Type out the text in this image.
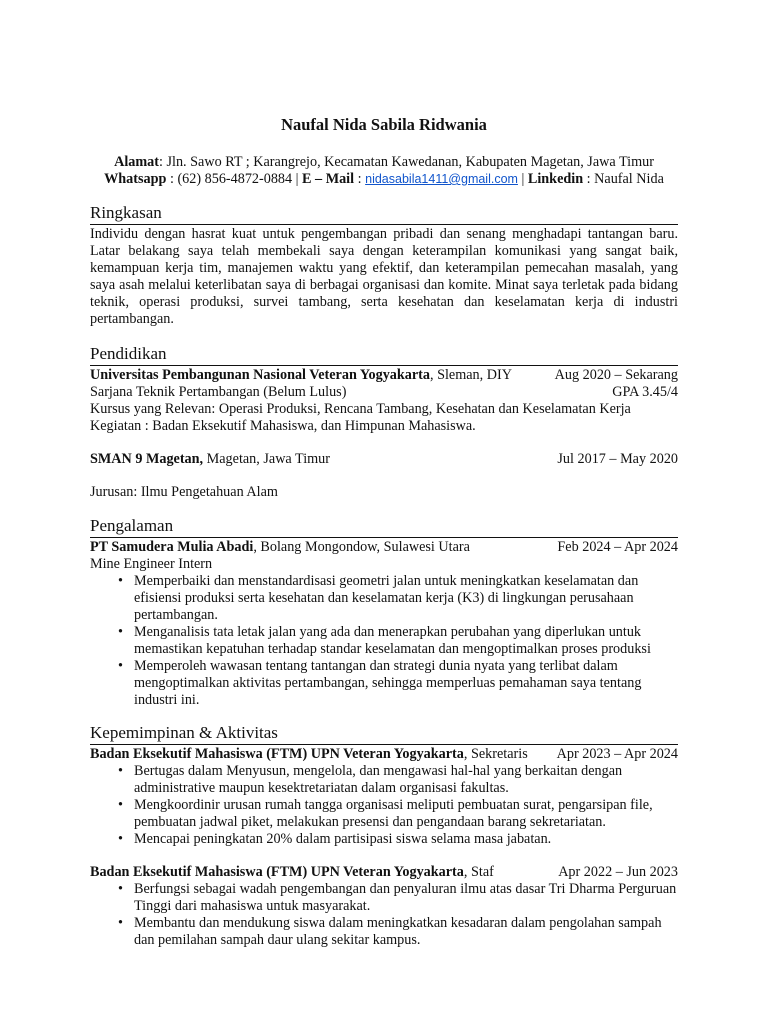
Naufal Nida Sabila Ridwania
Alamat: Jln. Sawo RT ; Karangrejo, Kecamatan Kawedanan, Kabupaten Magetan, Jawa Timur
Whatsapp : (62) 856-4872-0884 | E – Mail : nidasabila1411@gmail.com | Linkedin : Naufal Nida
Ringkasan
Individu dengan hasrat kuat untuk pengembangan pribadi dan senang menghadapi tantangan baru. Latar belakang saya telah membekali saya dengan keterampilan komunikasi yang sangat baik, kemampuan kerja tim, manajemen waktu yang efektif, dan keterampilan pemecahan masalah, yang saya asah melalui keterlibatan saya di berbagai organisasi dan komite. Minat saya terletak pada bidang teknik, operasi produksi, survei tambang, serta kesehatan dan keselamatan kerja di industri pertambangan.
Pendidikan
Universitas Pembangunan Nasional Veteran Yogyakarta, Sleman, DIY	Aug 2020 – Sekarang
Sarjana Teknik Pertambangan (Belum Lulus)	GPA 3.45/4
Kursus yang Relevan: Operasi Produksi, Rencana Tambang, Kesehatan dan Keselamatan Kerja
Kegiatan : Badan Eksekutif Mahasiswa, dan Himpunan Mahasiswa.
SMAN 9 Magetan, Magetan, Jawa Timur	Jul 2017 – May 2020
Jurusan: Ilmu Pengetahuan Alam
Pengalaman
PT Samudera Mulia Abadi, Bolang Mongondow, Sulawesi Utara	Feb 2024 – Apr 2024
Mine Engineer Intern
• Memperbaiki dan menstandardisasi geometri jalan untuk meningkatkan keselamatan dan efisiensi produksi serta kesehatan dan keselamatan kerja (K3) di lingkungan perusahaan pertambangan.
• Menganalisis tata letak jalan yang ada dan menerapkan perubahan yang diperlukan untuk memastikan kepatuhan terhadap standar keselamatan dan mengoptimalkan proses produksi
• Memperoleh wawasan tentang tantangan dan strategi dunia nyata yang terlibat dalam mengoptimalkan aktivitas pertambangan, sehingga memperluas pemahaman saya tentang industri ini.
Kepemimpinan & Aktivitas
Badan Eksekutif Mahasiswa (FTM) UPN Veteran Yogyakarta, Sekretaris Apr 2023 – Apr 2024
• Bertugas dalam Menyusun, mengelola, dan mengawasi hal-hal yang berkaitan dengan administrative maupun kesektretariatan dalam organisasi fakultas.
• Mengkoordinir urusan rumah tangga organisasi meliputi pembuatan surat, pengarsipan file, pembuatan jadwal piket, melakukan presensi dan pengandaan barang sekretariatan.
• Mencapai peningkatan 20% dalam partisipasi siswa selama masa jabatan.
Badan Eksekutif Mahasiswa (FTM) UPN Veteran Yogyakarta, Staf	Apr 2022 – Jun 2023
• Berfungsi sebagai wadah pengembangan dan penyaluran ilmu atas dasar Tri Dharma Perguruan Tinggi dari mahasiswa untuk masyarakat.
• Membantu dan mendukung siswa dalam meningkatkan kesadaran dalam pengolahan sampah dan pemilahan sampah daur ulang sekitar kampus.
